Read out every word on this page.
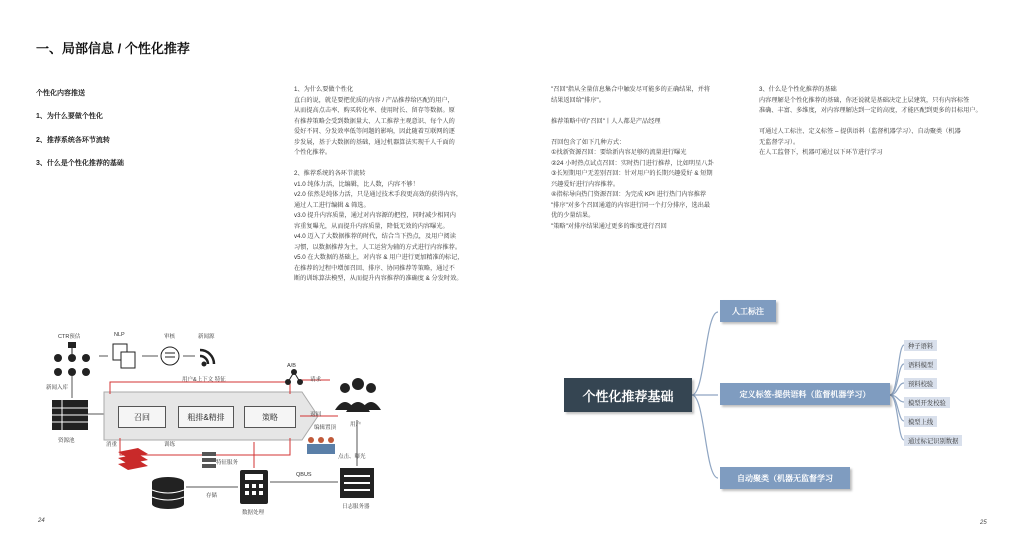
一、局部信息 / 个性化推荐
个性化内容推送
1、为什么要做个性化
2、推荐系统各环节流转
3、什么是个性化推荐的基础
1、为什么要做个性化
直白的说，就是要把优质的内容 / 产品推荐给匹配的用户，
从而提高点击率、购买转化率、使用时长、留存等数据。原
有推荐策略会受到数据量大、人工推荐主观意识、每个人的
爱好不同、分发效率低等问题的影响，因此随着互联网的逐
步发展，基于大数据的基础，通过机器算法实现千人千面的
个性化推荐。

2、推荐系统的各环节流转
v1.0 纯体力活，比编辑，比人数，内容不够！
v2.0 依然是纯体力活，只是通过技术手段更高效的获得内容，
通过人工进行编辑 & 筛选。
v3.0 提升内容质量，通过对内容源的把控，同时减少相同内
容重复曝光，从而提升内容质量，降低无效的内容曝光。
v4.0 迈入了大数据推荐的时代，结合当下热点，及用户阅读
习惯，以数据推荐为主，人工运营为辅的方式进行内容推荐。
v5.0 在大数据的基础上，对内容 & 用户进行更加精准的标记，
在推荐的过程中增加召回、排序、协同推荐等策略，通过不
断的训练算法模型，从而提升内容推荐的准确度 & 分发时效。
"召回"指从全量信息集合中触发尽可能多的正确结果，并将
结果返回给"排序"。

推荐策略中的"召回"丨人人都是产品经理

召回包含了如下几种方式：
①找新资源召回：要给新内容足够的流量进行曝光
②24 小时热点试点召回：实时热门进行推荐，比如明星八卦
③长短期用户无差别召回：针对用户的长期兴趣爱好 & 短期
兴趣爱好进行内容推荐。
④指标导向热门资源召回：为完成 KPI 进行热门内容推荐
"排序"对多个召回通道的内容进行同一个打分排序，选出最
优的少量结果。
"策略"对排序结果通过更多的维度进行召回
3、什么是个性化推荐的基础
内容理解是个性化推荐的基础，你还说就是基础决定上层建筑，只有内容标签
准确、丰富、多维度，对内容理解达到一定的高度，才能匹配到更多的目标用户。

可通过人工标注、定义标签 – 提供语料（监督机器学习）、自动聚类（机器
无监督学习）。
在人工监督下，机器可通过以下环节进行学习
24	25
CTR预估	NLP	审核	新闻源
新闻入库
资源池
召回	粗排&精排	策略
用户&上下文 特征
A/B
请求
返回
用户
编辑置顶
消重	训练
特征服务
点击、曝光
QBUS
存储
数据处理
日志服务器
个性化推荐基础
人工标注
定义标签-提供语料（监督机器学习）
自动聚类（机器无监督学习
种子语料
语料模型
预料校验
模型开发校验
模型上线
通过标记识别数据
